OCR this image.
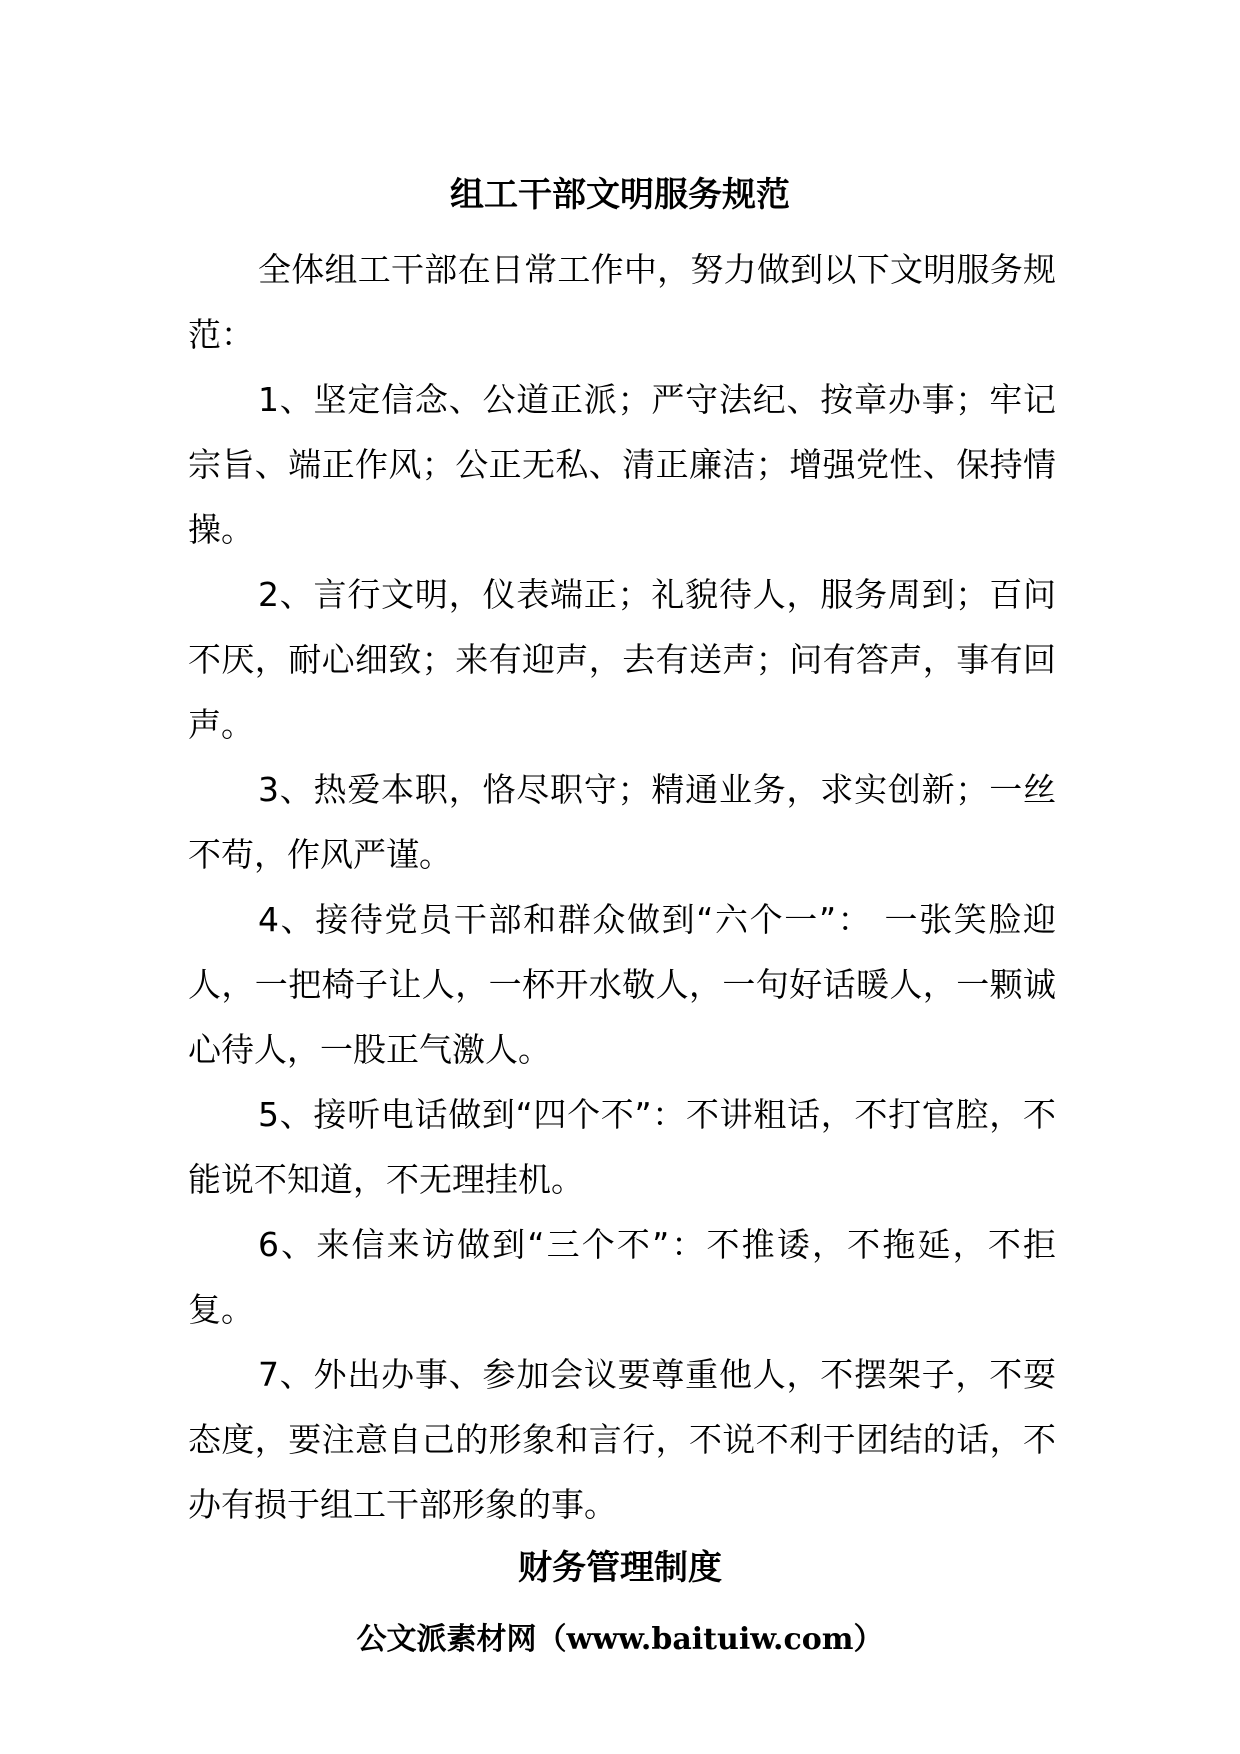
组工干部文明服务规范

全体组工干部在日常工作中，努力做到以下文明服务规范：

1、坚定信念、公道正派；严守法纪、按章办事；牢记宗旨、端正作风；公正无私、清正廉洁；增强党性、保持情操。

2、言行文明，仪表端正；礼貌待人，服务周到；百问不厌，耐心细致；来有迎声，去有送声；问有答声，事有回声。

3、热爱本职，恪尽职守；精通业务，求实创新；一丝不苟，作风严谨。

4、接待党员干部和群众做到“六个一”： 一张笑脸迎人，一把椅子让人，一杯开水敬人，一句好话暖人，一颗诚心待人，一股正气激人。

5、接听电话做到“四个不”：不讲粗话，不打官腔，不能说不知道，不无理挂机。

6、来信来访做到“三个不”：不推诿，不拖延，不拒复。

7、外出办事、参加会议要尊重他人，不摆架子，不耍态度，要注意自己的形象和言行，不说不利于团结的话，不办有损于组工干部形象的事。

财务管理制度

公文派素材网（www.baituiw.com）
